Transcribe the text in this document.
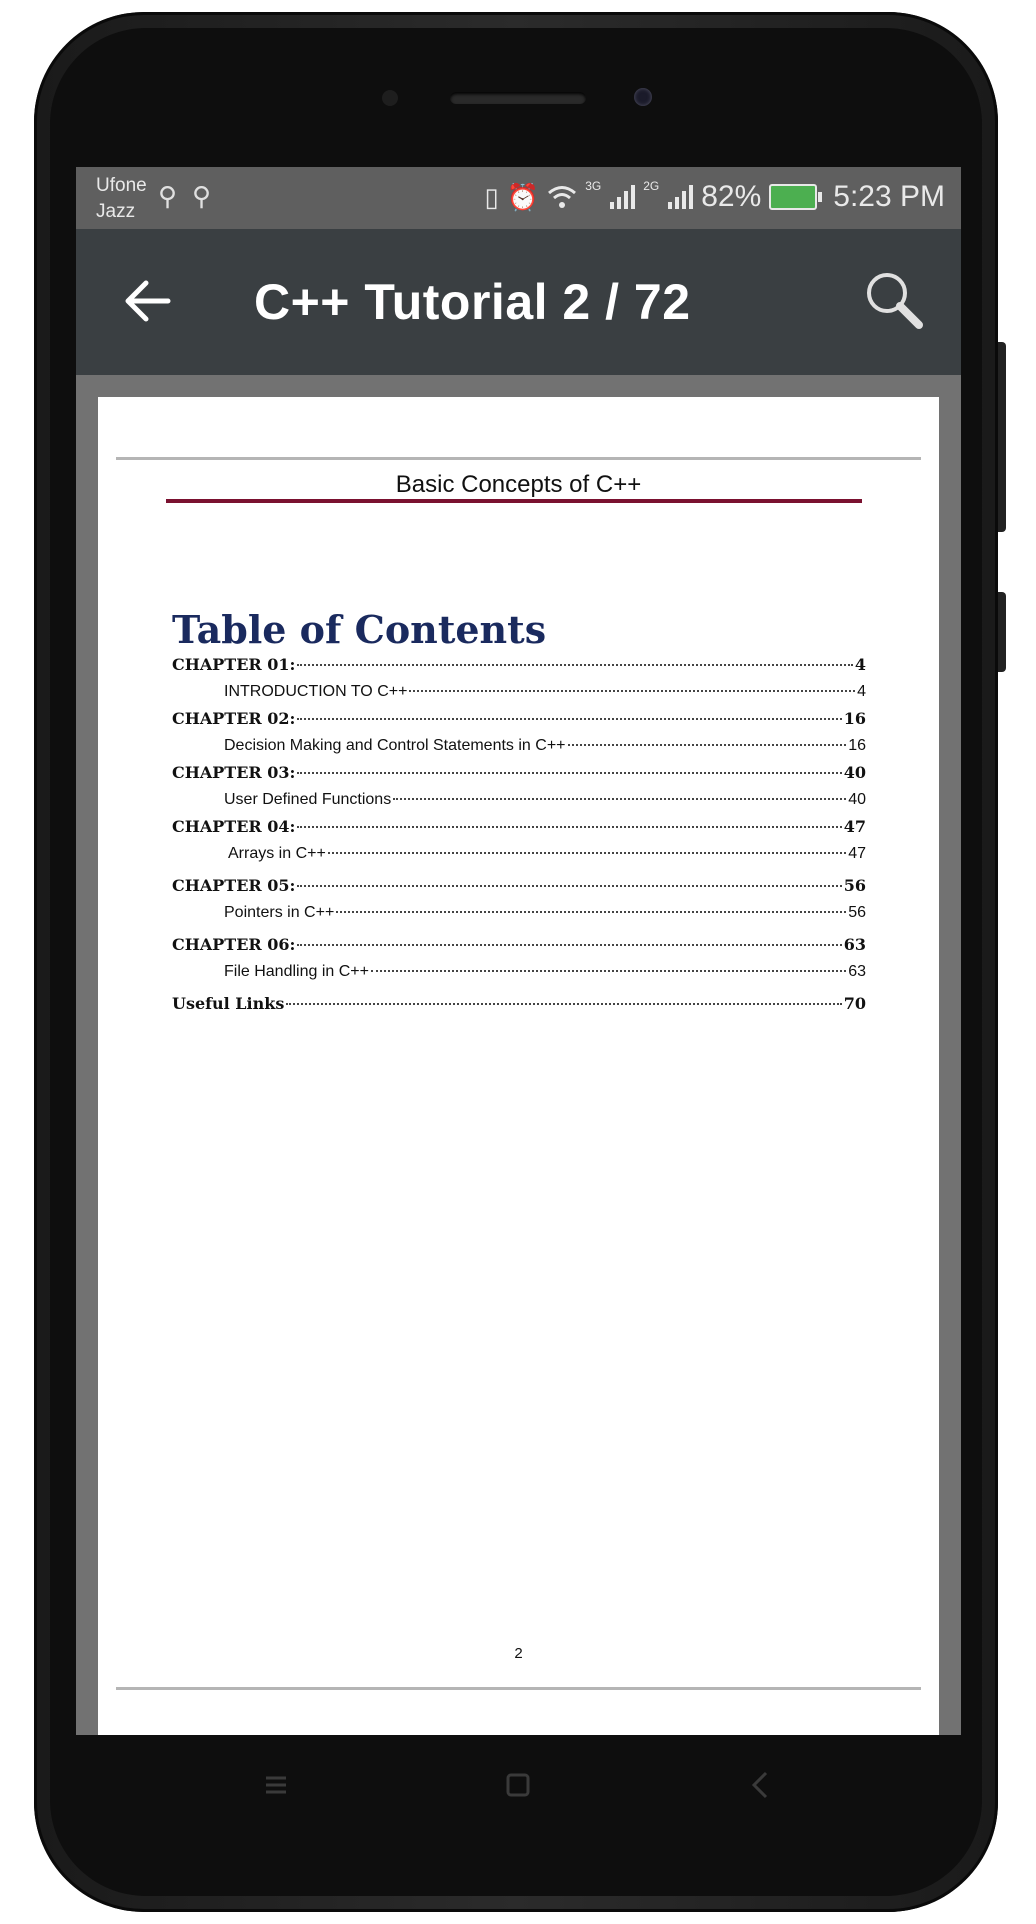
Ufone
Jazz
⚲ ⚲	▯ ⏰	3G	2G 82% 5:23 PM
C++ Tutorial 2 / 72
Basic Concepts of C++
Table of Contents
CHAPTER 01:	4
INTRODUCTION TO C++	4
CHAPTER 02:	16
Decision Making and Control Statements in C++	16
CHAPTER 03:	40
User Defined Functions	40
CHAPTER 04:	47
Arrays in C++	47
CHAPTER 05:	56
Pointers in C++	56
CHAPTER 06:	63
File Handling in C++	63
Useful Links	70
2
